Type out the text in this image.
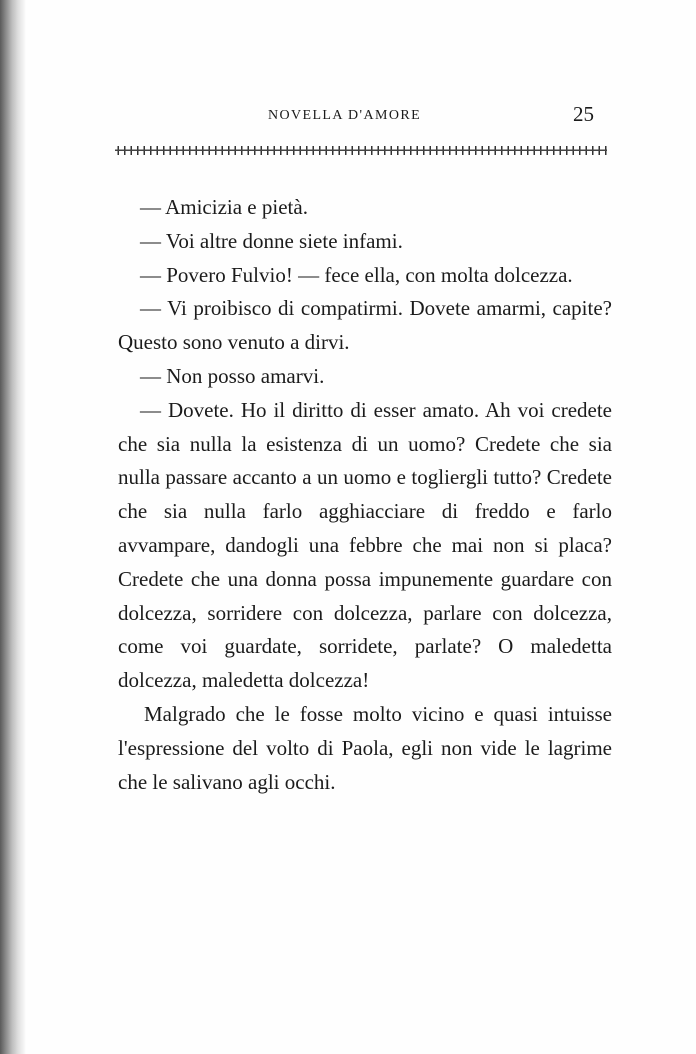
NOVELLA D'AMORE	25

— Amicizia e pietà.

— Voi altre donne siete infami.

— Povero Fulvio! — fece ella, con molta dolcezza.

— Vi proibisco di compatirmi. Dovete amarmi, capite? Questo sono venuto a dirvi.

— Non posso amarvi.

— Dovete. Ho il diritto di esser amato. Ah voi credete che sia nulla la esistenza di un uomo? Credete che sia nulla passare accanto a un uomo e togliergli tutto? Credete che sia nulla farlo agghiacciare di freddo e farlo avvampare, dandogli una febbre che mai non si placa? Credete che una donna possa impunemente guardare con dolcezza, sorridere con dolcezza, parlare con dolcezza, come voi guardate, sorridete, parlate? O maledetta dolcezza, maledetta dolcezza!

Malgrado che le fosse molto vicino e quasi intuisse l'espressione del volto di Paola, egli non vide le lagrime che le salivano agli occhi.
